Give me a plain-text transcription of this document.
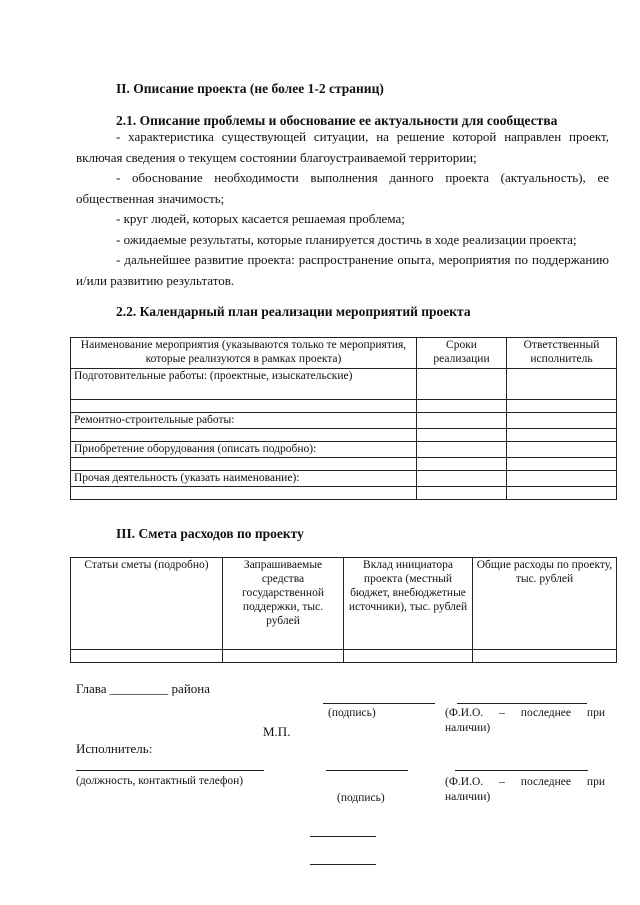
II. Описание проекта (не более 1-2 страниц)
2.1. Описание проблемы и обоснование ее актуальности для сообщества

- характеристика существующей ситуации, на решение которой направлен проект, включая сведения о текущем состоянии благоустраиваемой территории;

- обоснование необходимости выполнения данного проекта (актуальность), ее общественная значимость;

- круг людей, которых касается решаемая проблема;

- ожидаемые результаты, которые планируется достичь в ходе реализации проекта;

- дальнейшее развитие проекта: распространение опыта, мероприятия по поддержанию и/или развитию результатов.

2.2. Календарный план реализации мероприятий проекта
Наименование мероприятия (указываются только те мероприятия, которые реализуются в рамках проекта)	Сроки реализации	Ответственный исполнитель
Подготовительные работы: (проектные, изыскательские)		

Ремонтно-строительные работы:		

Приобретение оборудования (описать подробно):		

Прочая деятельность (указать наименование):		

III. Смета расходов по проекту
Статьи сметы (подробно)	Запрашиваемые средства государственной поддержки, тыс. рублей	Вклад инициатора проекта (местный бюджет, внебюджетные источники), тыс. рублей	Общие расходы по проекту, тыс. рублей

Глава _________ района
(подпись)	(Ф.И.О. – последнее при наличии)
М.П.
Исполнитель:
(должность, контактный телефон)	(Ф.И.О. – последнее при наличии)
(подпись)
